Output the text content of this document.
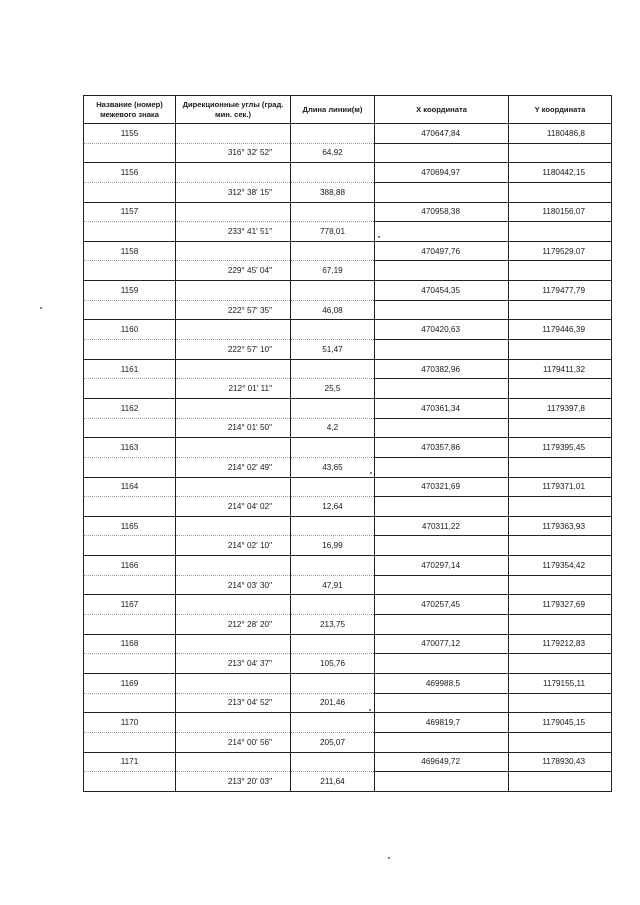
Название (номер) межевого знака	Дирекционные углы (град. мин. сек.)	Длина линии(м)	X координата	Y координата
1155			470647,84	1180486,8
	316° 32' 52"	64,92		
1156			470694,97	1180442,15
	312° 38' 15"	388,88		
1157			470958,38	1180156,07
	233° 41' 51"	778,01		
1158			470497,76	1179529,07
	229° 45' 04"	67,19		
1159			470454,35	1179477,79
	222° 57' 35"	46,08		
1160			470420,63	1179446,39
	222° 57' 10"	51,47		
1161			470382,96	1179411,32
	212° 01' 11"	25,5		
1162			470361,34	1179397,8
	214° 01' 50"	4,2		
1163			470357,86	1179395,45
	214° 02' 49"	43,65		
1164			470321,69	1179371,01
	214° 04' 02"	12,64		
1165			470311,22	1179363,93
	214° 02' 10"	16,99		
1166			470297,14	1179354,42
	214° 03' 30"	47,91		
1167			470257,45	1179327,69
	212° 28' 20"	213,75		
1168			470077,12	1179212,83
	213° 04' 37"	105,76		
1169			469988,5	1179155,11
	213° 04' 52"	201,46		
1170			469819,7	1179045,15
	214° 00' 56"	205,07		
1171			469649,72	1178930,43
	213° 20' 03"	211,64		
